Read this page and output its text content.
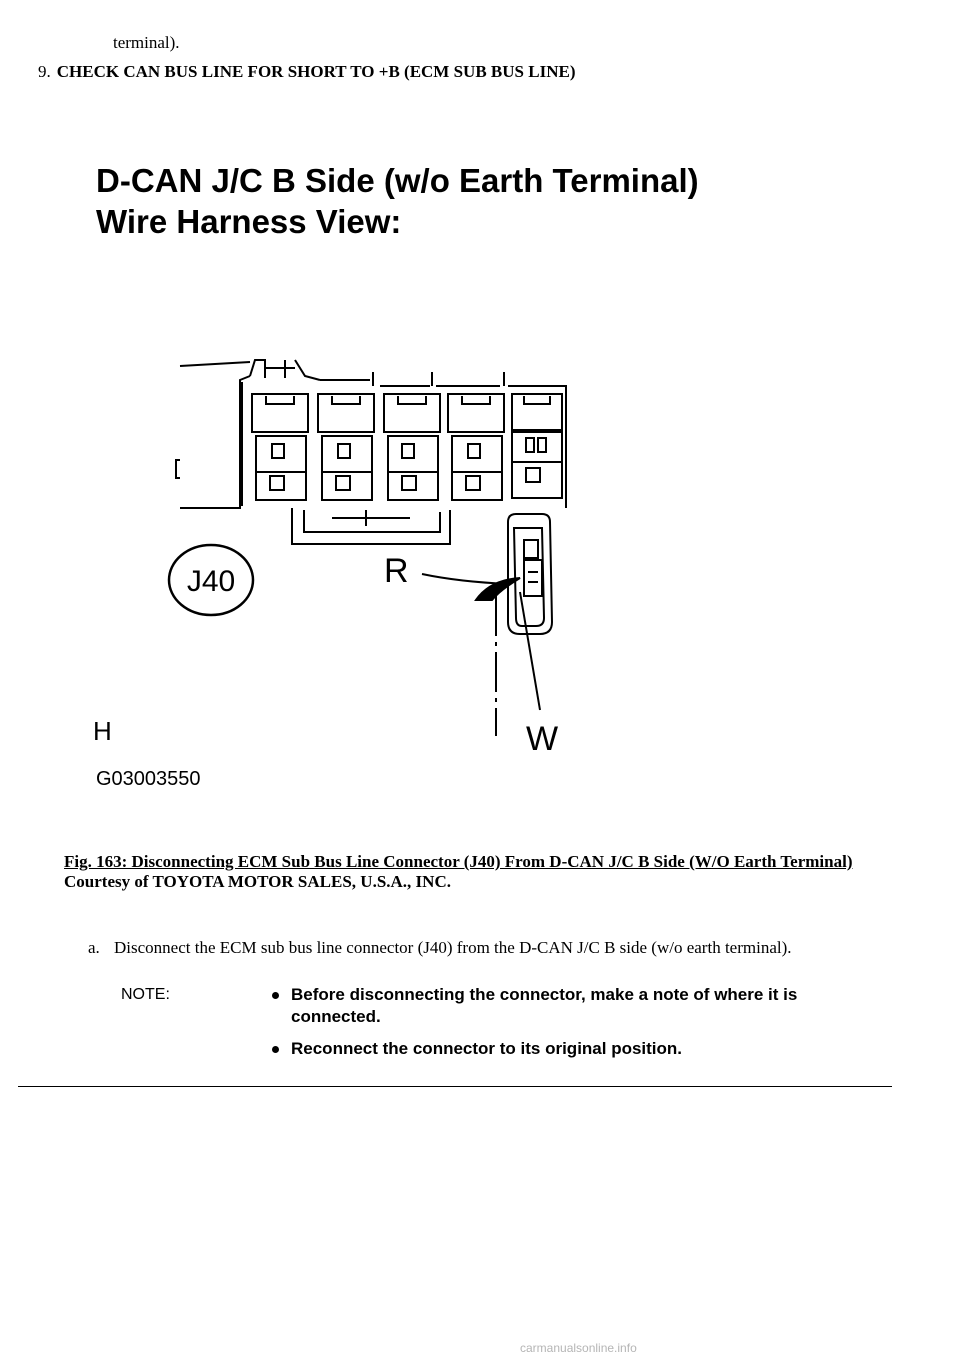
terminal).
9. CHECK CAN BUS LINE FOR SHORT TO +B (ECM SUB BUS LINE)
D-CAN J/C B Side (w/o Earth Terminal)
Wire Harness View:
J40	R
W
H
G03003550
Fig. 163: Disconnecting ECM Sub Bus Line Connector (J40) From D-CAN J/C B Side (W/O Earth Terminal)
Courtesy of TOYOTA MOTOR SALES, U.S.A., INC.
a. Disconnect the ECM sub bus line connector (J40) from the D-CAN J/C B side (w/o earth terminal).
NOTE:	Before disconnecting the connector, make a note of where it is connected.
Reconnect the connector to its original position.
carmanualsonline.info
